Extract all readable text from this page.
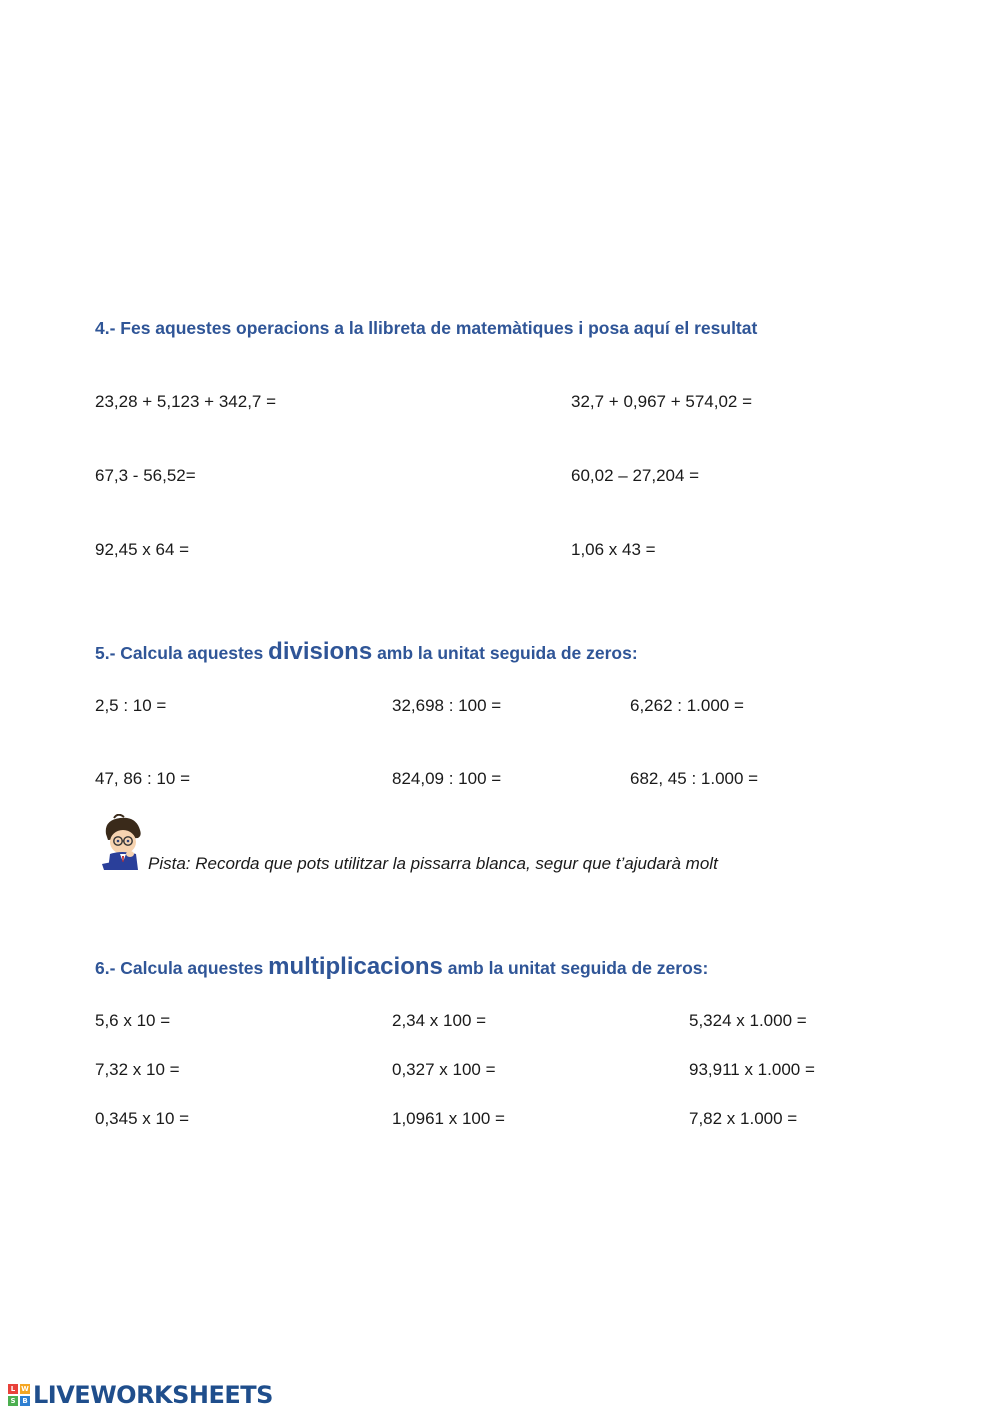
4.- Fes aquestes operacions a la llibreta de matemàtiques i posa aquí el resultat
23,28 + 5,123 + 342,7 =	32,7 + 0,967 + 574,02 =
67,3 - 56,52=	60,02 – 27,204 =
92,45 x 64 =	1,06 x 43 =
5.- Calcula aquestes divisions amb la unitat seguida de zeros:
2,5 : 10 =	32,698 : 100 =	6,262 : 1.000 =
47, 86 : 10 =	824,09 : 100 =	682, 45 : 1.000 =
Pista: Recorda que pots utilitzar la pissarra blanca, segur que t’ajudarà molt
6.- Calcula aquestes multiplicacions amb la unitat seguida de zeros:
5,6 x 10 =	2,34 x 100 =	5,324 x 1.000 =
7,32 x 10 =	0,327 x 100 =	93,911 x 1.000 =
0,345 x 10 =	1,0961 x 100 =	7,82 x 1.000 =
L W
S B LIVEWORKSHEETS
